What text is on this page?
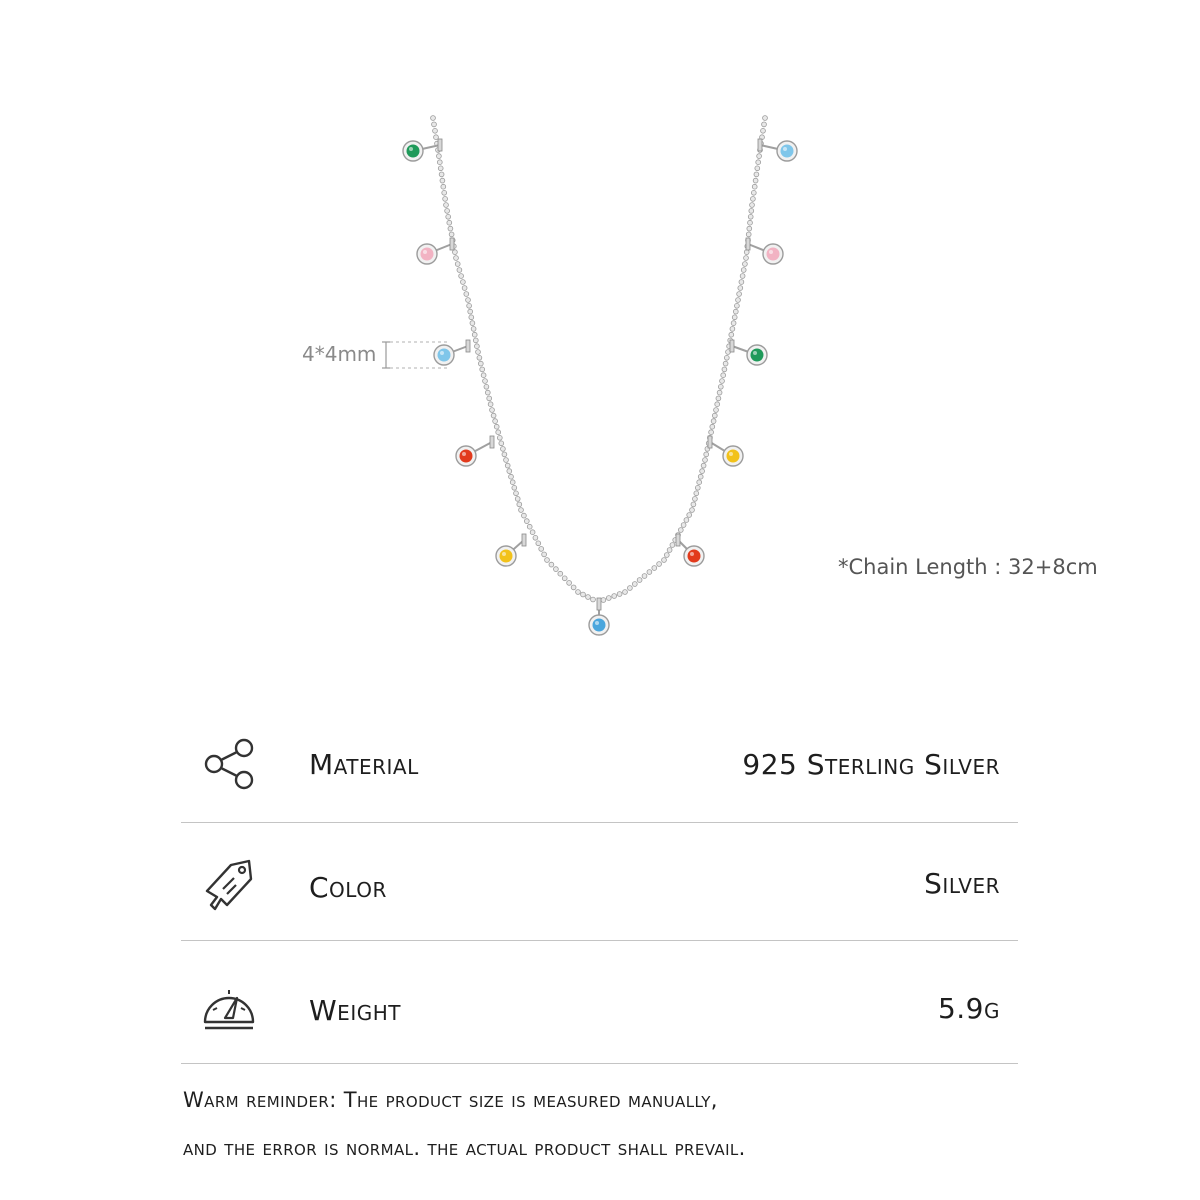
4*4mm
*Chain Length : 32+8cm
Material	925 Sterling Silver
Color	Silver
Weight	5.9g
Warm reminder: The product size is measured manually,
and the error is normal. the actual product shall prevail.
